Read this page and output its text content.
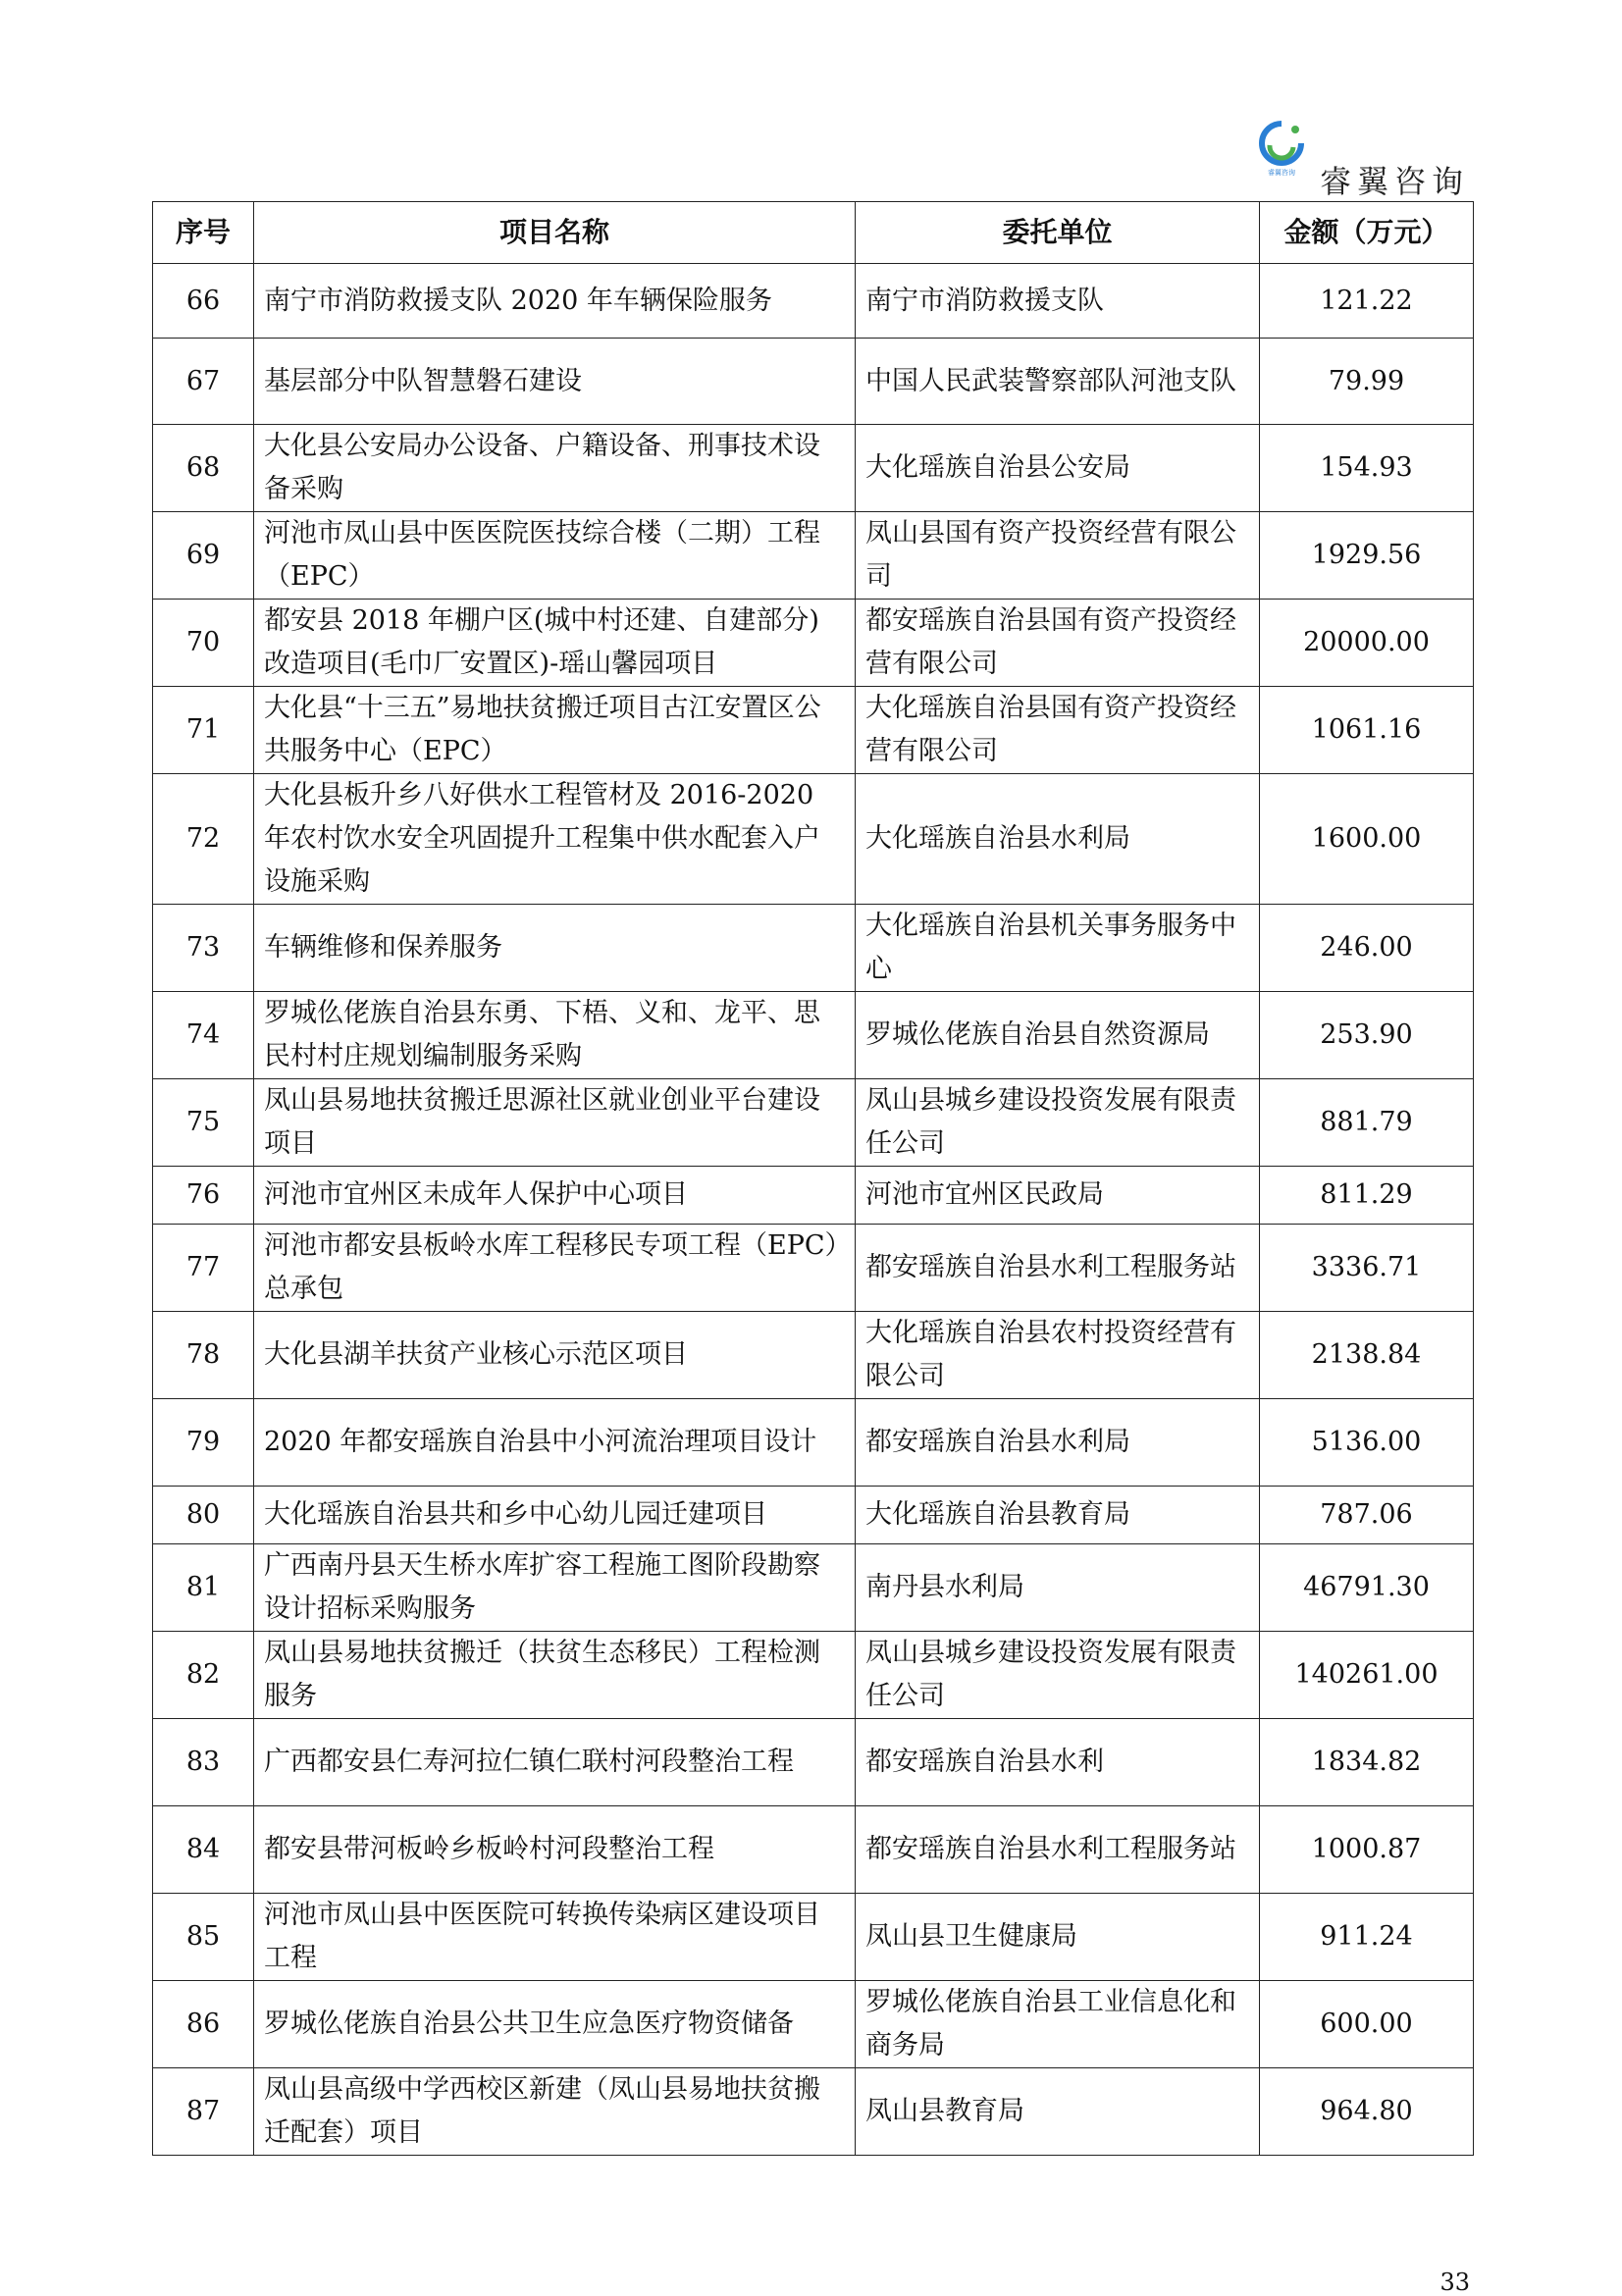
睿翼咨询 睿翼咨询
序号	项目名称	委托单位	金额（万元）
66	南宁市消防救援支队 2020 年车辆保险服务	南宁市消防救援支队	121.22
67	基层部分中队智慧磐石建设	中国人民武装警察部队河池支队	79.99
68	大化县公安局办公设备、户籍设备、刑事技术设备采购	大化瑶族自治县公安局	154.93
69	河池市凤山县中医医院医技综合楼（二期）工程（EPC）	凤山县国有资产投资经营有限公司	1929.56
70	都安县 2018 年棚户区(城中村还建、自建部分)改造项目(毛巾厂安置区)-瑶山馨园项目	都安瑶族自治县国有资产投资经营有限公司	20000.00
71	大化县“十三五”易地扶贫搬迁项目古江安置区公共服务中心（EPC）	大化瑶族自治县国有资产投资经营有限公司	1061.16
72	大化县板升乡八好供水工程管材及 2016-2020 年农村饮水安全巩固提升工程集中供水配套入户设施采购	大化瑶族自治县水利局	1600.00
73	车辆维修和保养服务	大化瑶族自治县机关事务服务中心	246.00
74	罗城仫佬族自治县东勇、下梧、义和、龙平、思民村村庄规划编制服务采购	罗城仫佬族自治县自然资源局	253.90
75	凤山县易地扶贫搬迁思源社区就业创业平台建设项目	凤山县城乡建设投资发展有限责任公司	881.79
76	河池市宜州区未成年人保护中心项目	河池市宜州区民政局	811.29
77	河池市都安县板岭水库工程移民专项工程（EPC）总承包	都安瑶族自治县水利工程服务站	3336.71
78	大化县湖羊扶贫产业核心示范区项目	大化瑶族自治县农村投资经营有限公司	2138.84
79	2020 年都安瑶族自治县中小河流治理项目设计	都安瑶族自治县水利局	5136.00
80	大化瑶族自治县共和乡中心幼儿园迁建项目	大化瑶族自治县教育局	787.06
81	广西南丹县天生桥水库扩容工程施工图阶段勘察设计招标采购服务	南丹县水利局	46791.30
82	凤山县易地扶贫搬迁（扶贫生态移民）工程检测服务	凤山县城乡建设投资发展有限责任公司	140261.00
83	广西都安县仁寿河拉仁镇仁联村河段整治工程	都安瑶族自治县水利	1834.82
84	都安县带河板岭乡板岭村河段整治工程	都安瑶族自治县水利工程服务站	1000.87
85	河池市凤山县中医医院可转换传染病区建设项目工程	凤山县卫生健康局	911.24
86	罗城仫佬族自治县公共卫生应急医疗物资储备	罗城仫佬族自治县工业信息化和商务局	600.00
87	凤山县高级中学西校区新建（凤山县易地扶贫搬迁配套）项目	凤山县教育局	964.80
33
